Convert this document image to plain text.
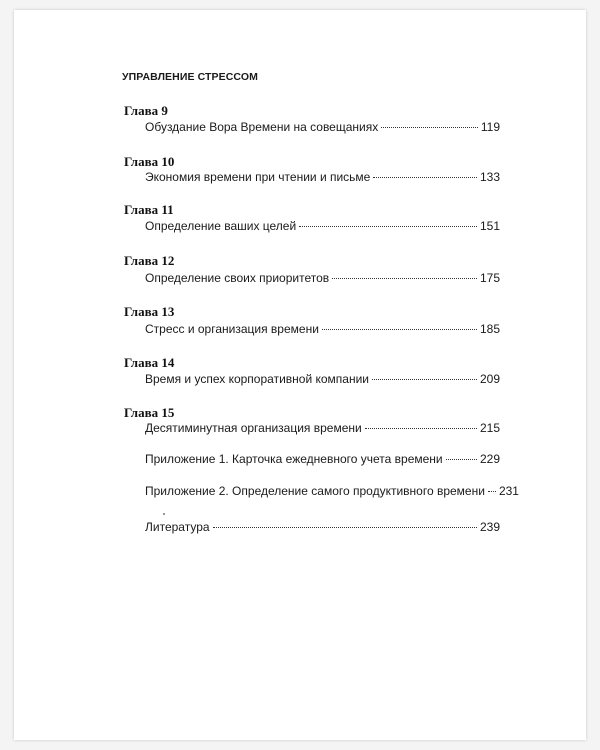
УПРАВЛЕНИЕ СТРЕССОМ
Глава 9
Обуздание Вора Времени на совещаниях	119
Глава 10
Экономия времени при чтении и письме	133
Глава 11
Определение ваших целей	151
Глава 12
Определение своих приоритетов	175
Глава 13
Стресс и организация времени	185
Глава 14
Время и успех корпоративной компании	209
Глава 15
Десятиминутная организация времени	215
Приложение 1. Карточка ежедневного учета времени	229
Приложение 2. Определение самого продуктивного времени 231
Литература	239
